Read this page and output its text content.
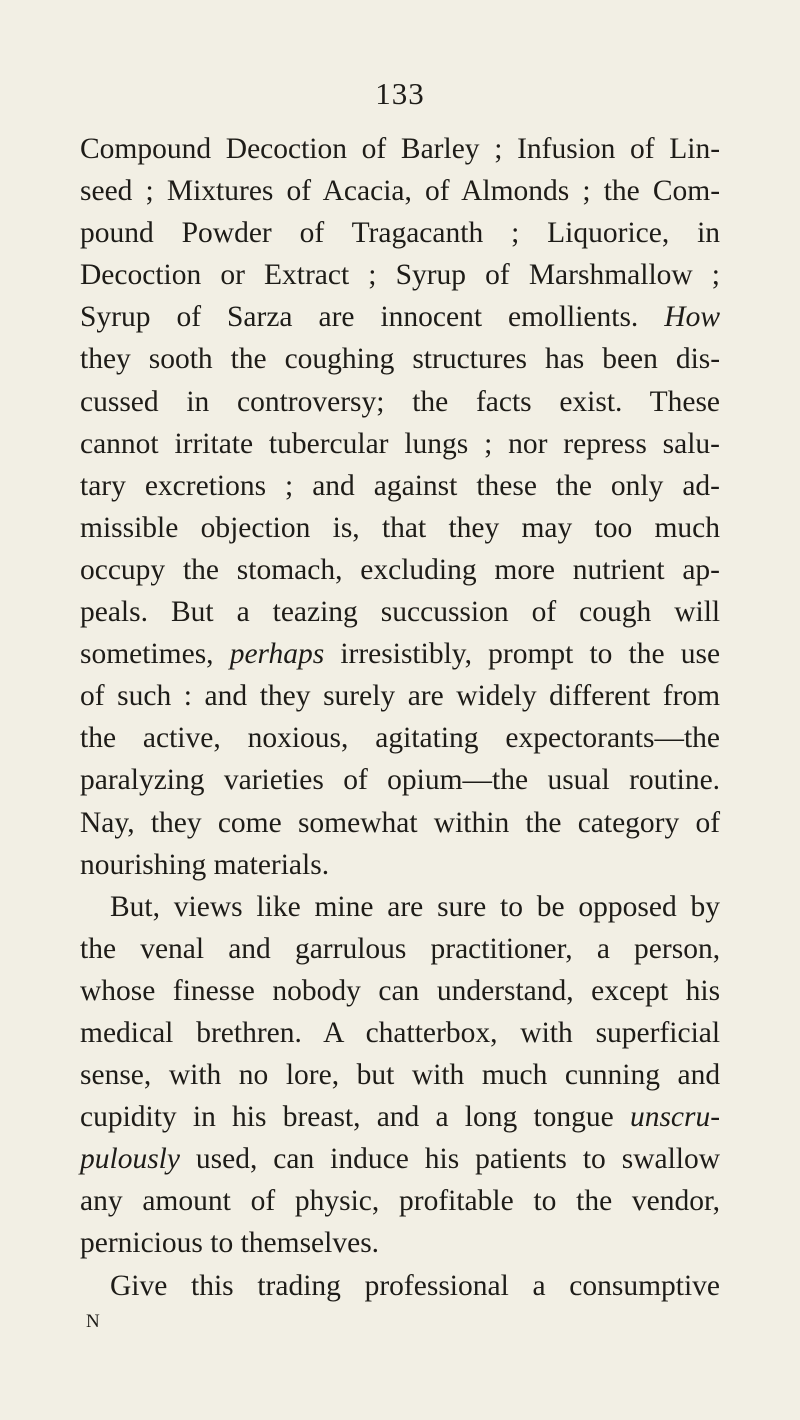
133
Compound Decoction of Barley ; Infusion of Lin-
seed ; Mixtures of Acacia, of Almonds ; the Com-
pound Powder of Tragacanth ; Liquorice, in
Decoction or Extract ; Syrup of Marshmallow ;
Syrup of Sarza are innocent emollients. How
they sooth the coughing structures has been dis-
cussed in controversy; the facts exist. These
cannot irritate tubercular lungs ; nor repress salu-
tary excretions ; and against these the only ad-
missible objection is, that they may too much
occupy the stomach, excluding more nutrient ap-
peals. But a teazing succussion of cough will
sometimes, perhaps irresistibly, prompt to the use
of such : and they surely are widely different from
the active, noxious, agitating expectorants—the
paralyzing varieties of opium—the usual routine.
Nay, they come somewhat within the category of
nourishing materials.
But, views like mine are sure to be opposed by
the venal and garrulous practitioner, a person,
whose finesse nobody can understand, except his
medical brethren. A chatterbox, with superficial
sense, with no lore, but with much cunning and
cupidity in his breast, and a long tongue unscru-
pulously used, can induce his patients to swallow
any amount of physic, profitable to the vendor,
pernicious to themselves.
Give this trading professional a consumptive
N
